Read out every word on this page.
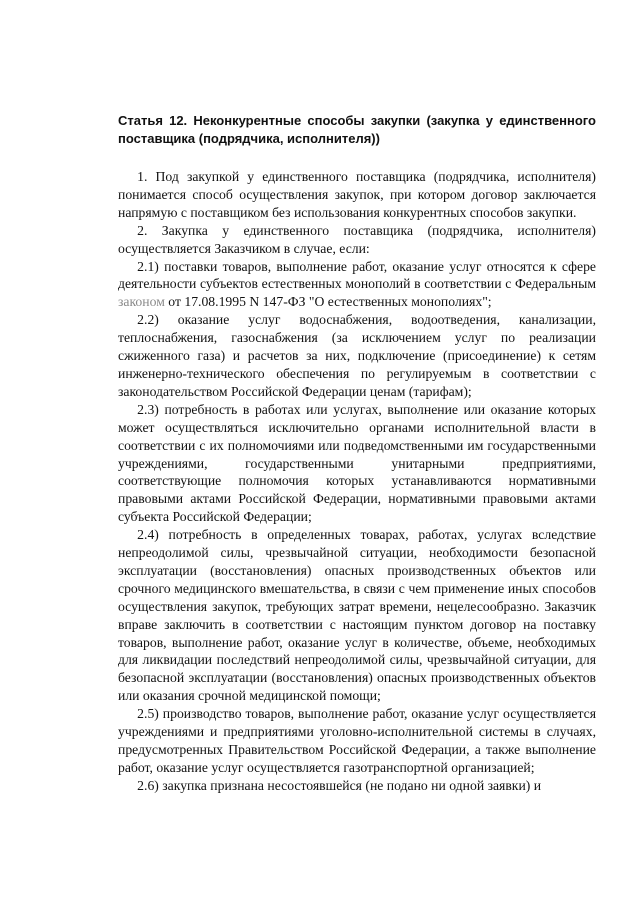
Статья 12. Неконкурентные способы закупки (закупка у единственного поставщика (подрядчика, исполнителя))

1. Под закупкой у единственного поставщика (подрядчика, исполнителя) понимается способ осуществления закупок, при котором договор заключается напрямую с поставщиком без использования конкурентных способов закупки.

2. Закупка у единственного поставщика (подрядчика, исполнителя) осуществляется Заказчиком в случае, если:

2.1) поставки товаров, выполнение работ, оказание услуг относятся к сфере деятельности субъектов естественных монополий в соответствии с Федеральным законом от 17.08.1995 N 147-ФЗ "О естественных монополиях";

2.2) оказание услуг водоснабжения, водоотведения, канализации, теплоснабжения, газоснабжения (за исключением услуг по реализации сжиженного газа) и расчетов за них, подключение (присоединение) к сетям инженерно-технического обеспечения по регулируемым в соответствии с законодательством Российской Федерации ценам (тарифам);

2.3) потребность в работах или услугах, выполнение или оказание которых может осуществляться исключительно органами исполнительной власти в соответствии с их полномочиями или подведомственными им государственными учреждениями, государственными унитарными предприятиями, соответствующие полномочия которых устанавливаются нормативными правовыми актами Российской Федерации, нормативными правовыми актами субъекта Российской Федерации;

2.4) потребность в определенных товарах, работах, услугах вследствие непреодолимой силы, чрезвычайной ситуации, необходимости безопасной эксплуатации (восстановления) опасных производственных объектов или срочного медицинского вмешательства, в связи с чем применение иных способов осуществления закупок, требующих затрат времени, нецелесообразно. Заказчик вправе заключить в соответствии с настоящим пунктом договор на поставку товаров, выполнение работ, оказание услуг в количестве, объеме, необходимых для ликвидации последствий непреодолимой силы, чрезвычайной ситуации, для безопасной эксплуатации (восстановления) опасных производственных объектов или оказания срочной медицинской помощи;

2.5) производство товаров, выполнение работ, оказание услуг осуществляется учреждениями и предприятиями уголовно-исполнительной системы в случаях, предусмотренных Правительством Российской Федерации, а также выполнение работ, оказание услуг осуществляется газотранспортной организацией;

2.6) закупка признана несостоявшейся (не подано ни одной заявки) и
